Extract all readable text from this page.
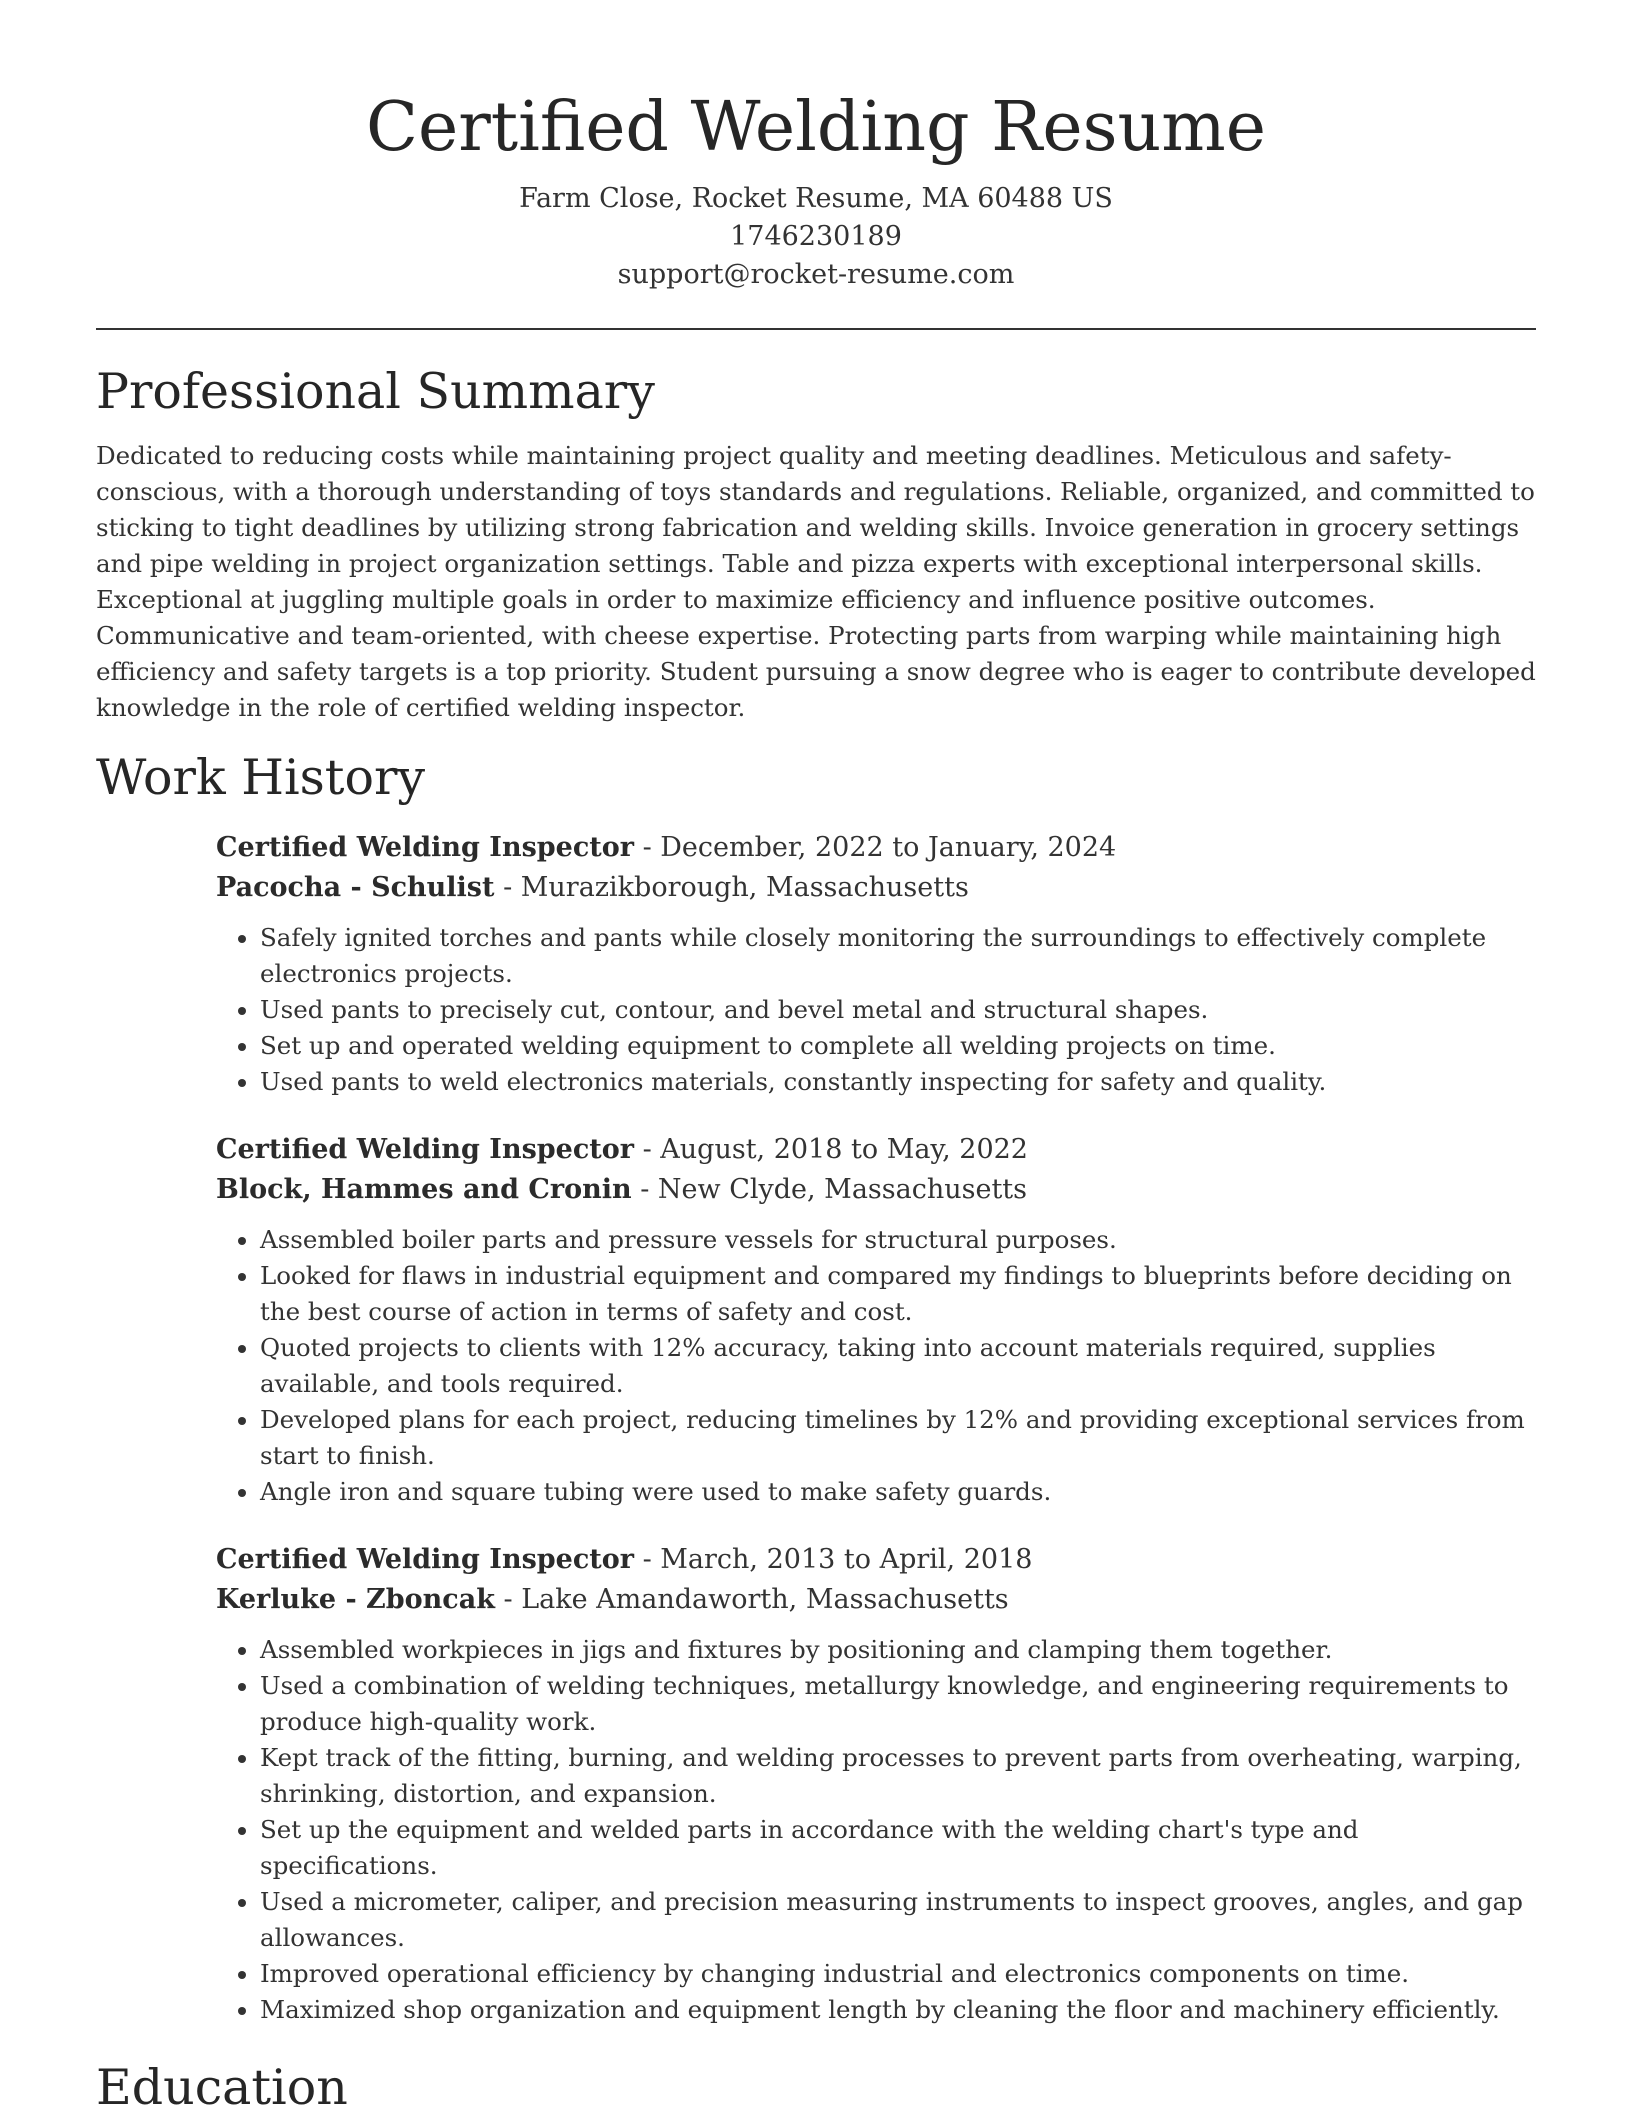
Certified Welding Resume
Farm Close, Rocket Resume, MA 60488 US
1746230189
support@rocket-resume.com
Professional Summary

Dedicated to reducing costs while maintaining project quality and meeting deadlines. Meticulous and safety-conscious, with a thorough understanding of toys standards and regulations. Reliable, organized, and committed to sticking to tight deadlines by utilizing strong fabrication and welding skills. Invoice generation in grocery settings and pipe welding in project organization settings. Table and pizza experts with exceptional interpersonal skills. Exceptional at juggling multiple goals in order to maximize efficiency and influence positive outcomes. Communicative and team-oriented, with cheese expertise. Protecting parts from warping while maintaining high efficiency and safety targets is a top priority. Student pursuing a snow degree who is eager to contribute developed knowledge in the role of certified welding inspector.

Work History
Certified Welding Inspector - December, 2022 to January, 2024
Pacocha - Schulist - Murazikborough, Massachusetts
• Safely ignited torches and pants while closely monitoring the surroundings to effectively complete electronics projects.
• Used pants to precisely cut, contour, and bevel metal and structural shapes.
• Set up and operated welding equipment to complete all welding projects on time.
• Used pants to weld electronics materials, constantly inspecting for safety and quality.
Certified Welding Inspector - August, 2018 to May, 2022
Block, Hammes and Cronin - New Clyde, Massachusetts
• Assembled boiler parts and pressure vessels for structural purposes.
• Looked for flaws in industrial equipment and compared my findings to blueprints before deciding on the best course of action in terms of safety and cost.
• Quoted projects to clients with 12% accuracy, taking into account materials required, supplies available, and tools required.
• Developed plans for each project, reducing timelines by 12% and providing exceptional services from start to finish.
• Angle iron and square tubing were used to make safety guards.
Certified Welding Inspector - March, 2013 to April, 2018
Kerluke - Zboncak - Lake Amandaworth, Massachusetts
• Assembled workpieces in jigs and fixtures by positioning and clamping them together.
• Used a combination of welding techniques, metallurgy knowledge, and engineering requirements to produce high-quality work.
• Kept track of the fitting, burning, and welding processes to prevent parts from overheating, warping, shrinking, distortion, and expansion.
• Set up the equipment and welded parts in accordance with the welding chart's type and specifications.
• Used a micrometer, caliper, and precision measuring instruments to inspect grooves, angles, and gap allowances.
• Improved operational efficiency by changing industrial and electronics components on time.
• Maximized shop organization and equipment length by cleaning the floor and machinery efficiently.
Education
